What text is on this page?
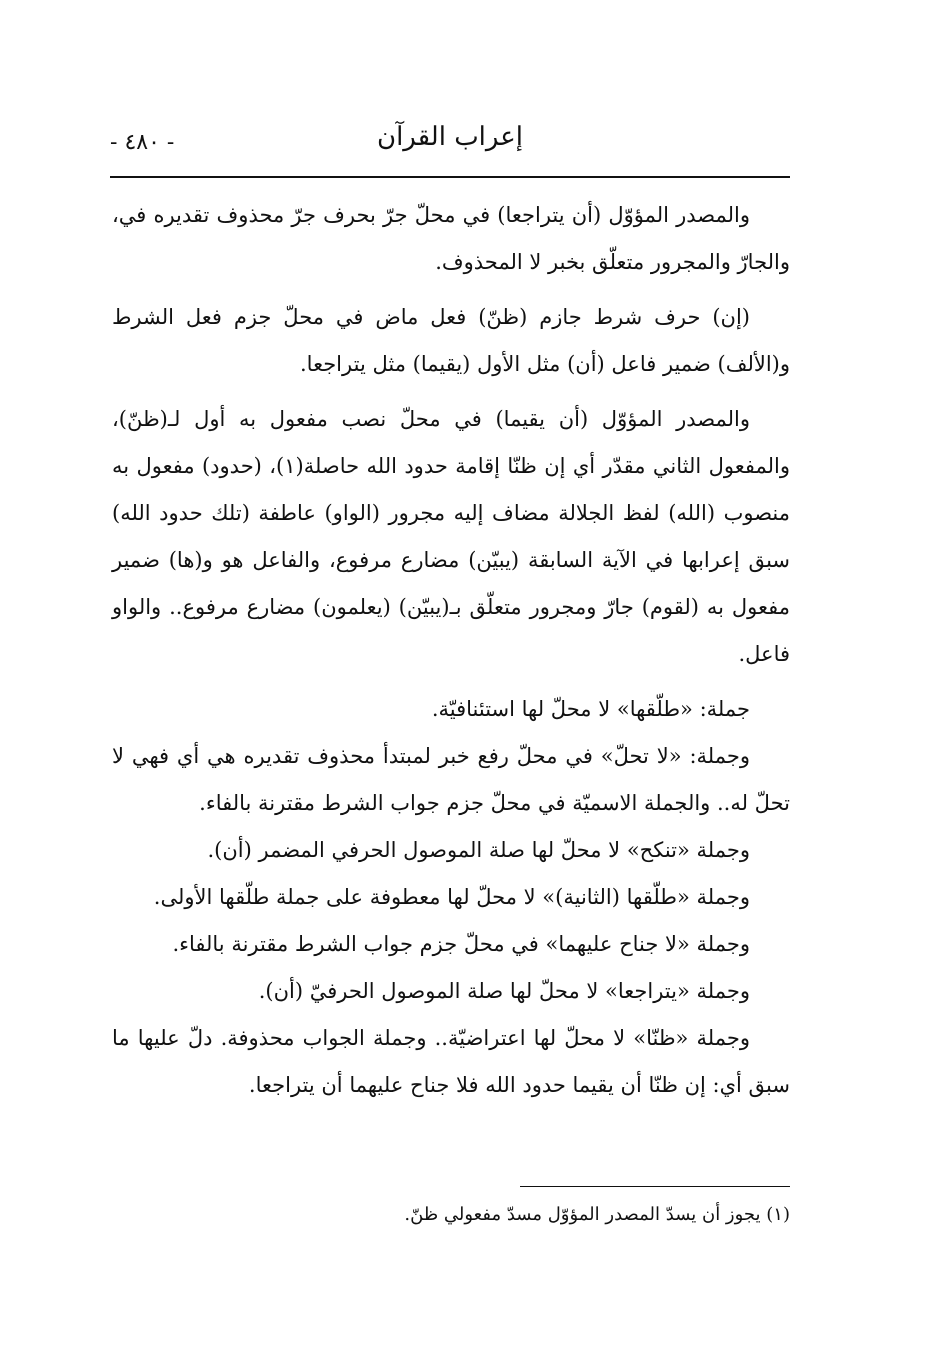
- ٤٨٠ -	إعراب القرآن

والمصدر المؤوّل (أن يتراجعا) في محلّ جرّ بحرف جرّ محذوف تقديره في، والجارّ والمجرور متعلّق بخبر لا المحذوف.

(إن) حرف شرط جازم (ظنّ) فعل ماض في محلّ جزم فعل الشرط و(الألف) ضمير فاعل (أن) مثل الأول (يقيما) مثل يتراجعا.

والمصدر المؤوّل (أن يقيما) في محلّ نصب مفعول به أول لـ(ظنّ)، والمفعول الثاني مقدّر أي إن ظنّا إقامة حدود الله حاصلة(١)، (حدود) مفعول به منصوب (الله) لفظ الجلالة مضاف إليه مجرور (الواو) عاطفة (تلك حدود الله) سبق إعرابها في الآية السابقة (يبيّن) مضارع مرفوع، والفاعل هو و(ها) ضمير مفعول به (لقوم) جارّ ومجرور متعلّق بـ(يبيّن) (يعلمون) مضارع مرفوع.. والواو فاعل.

جملة: «طلّقها» لا محلّ لها استئنافيّة.

وجملة: «لا تحلّ» في محلّ رفع خبر لمبتدأ محذوف تقديره هي أي فهي لا تحلّ له.. والجملة الاسميّة في محلّ جزم جواب الشرط مقترنة بالفاء.

وجملة «تنكح» لا محلّ لها صلة الموصول الحرفي المضمر (أن).

وجملة «طلّقها (الثانية)» لا محلّ لها معطوفة على جملة طلّقها الأولى.

وجملة «لا جناح عليهما» في محلّ جزم جواب الشرط مقترنة بالفاء.

وجملة «يتراجعا» لا محلّ لها صلة الموصول الحرفيّ (أن).

وجملة «ظنّا» لا محلّ لها اعتراضيّة.. وجملة الجواب محذوفة. دلّ عليها ما سبق أي: إن ظنّا أن يقيما حدود الله فلا جناح عليهما أن يتراجعا.

(١) يجوز أن يسدّ المصدر المؤوّل مسدّ مفعولي ظنّ.
